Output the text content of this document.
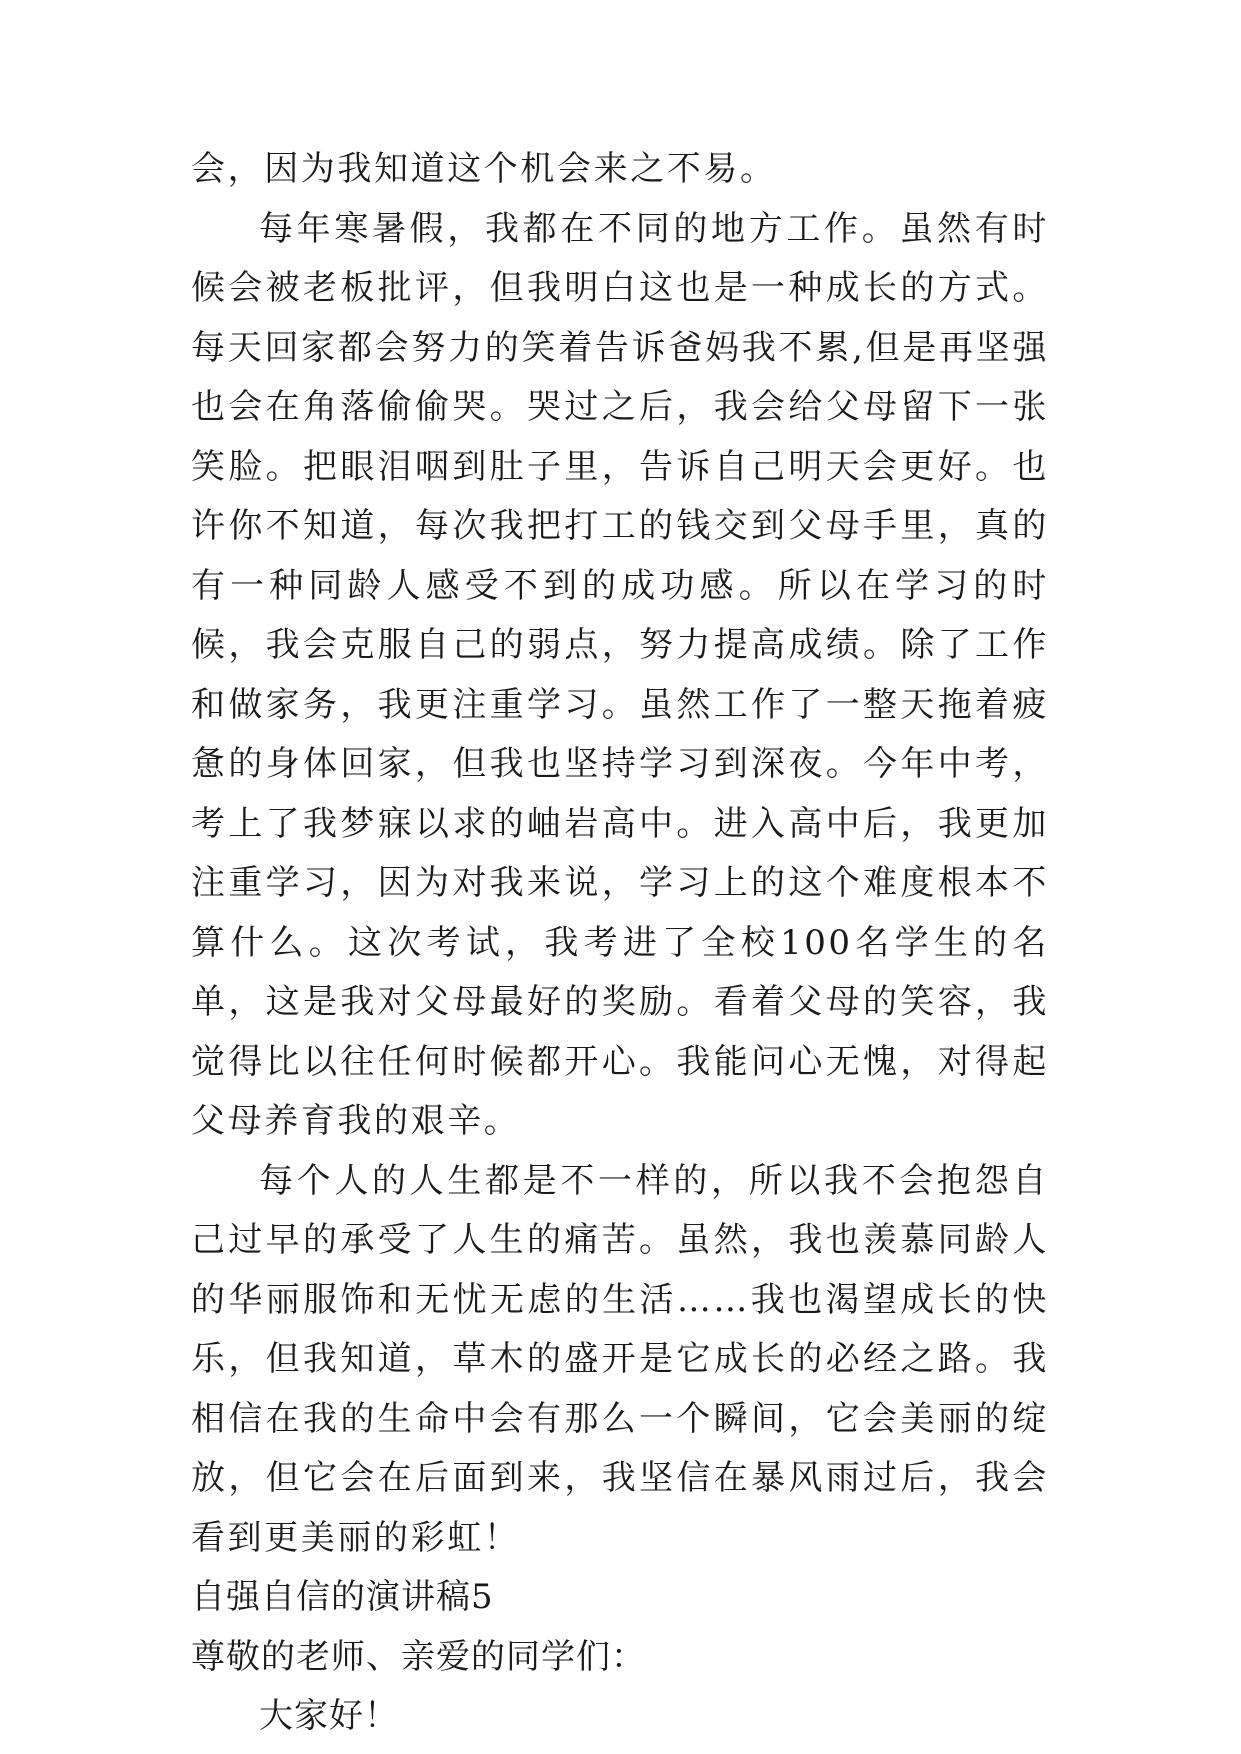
会，因为我知道这个机会来之不易。

每年寒暑假，我都在不同的地方工作。虽然有时候会被老板批评，但我明白这也是一种成长的方式。每天回家都会努力的笑着告诉爸妈我不累,但是再坚强也会在角落偷偷哭。哭过之后，我会给父母留下一张笑脸。把眼泪咽到肚子里，告诉自己明天会更好。也许你不知道，每次我把打工的钱交到父母手里，真的有一种同龄人感受不到的成功感。所以在学习的时候，我会克服自己的弱点，努力提高成绩。除了工作和做家务，我更注重学习。虽然工作了一整天拖着疲惫的身体回家，但我也坚持学习到深夜。今年中考，考上了我梦寐以求的岫岩高中。进入高中后，我更加注重学习，因为对我来说，学习上的这个难度根本不算什么。这次考试，我考进了全校100名学生的名单，这是我对父母最好的奖励。看着父母的笑容，我觉得比以往任何时候都开心。我能问心无愧，对得起父母养育我的艰辛。

每个人的人生都是不一样的，所以我不会抱怨自己过早的承受了人生的痛苦。虽然，我也羡慕同龄人的华丽服饰和无忧无虑的生活……我也渴望成长的快乐，但我知道，草木的盛开是它成长的必经之路。我相信在我的生命中会有那么一个瞬间，它会美丽的绽放，但它会在后面到来，我坚信在暴风雨过后，我会看到更美丽的彩虹！

自强自信的演讲稿5

尊敬的老师、亲爱的同学们：

大家好！
